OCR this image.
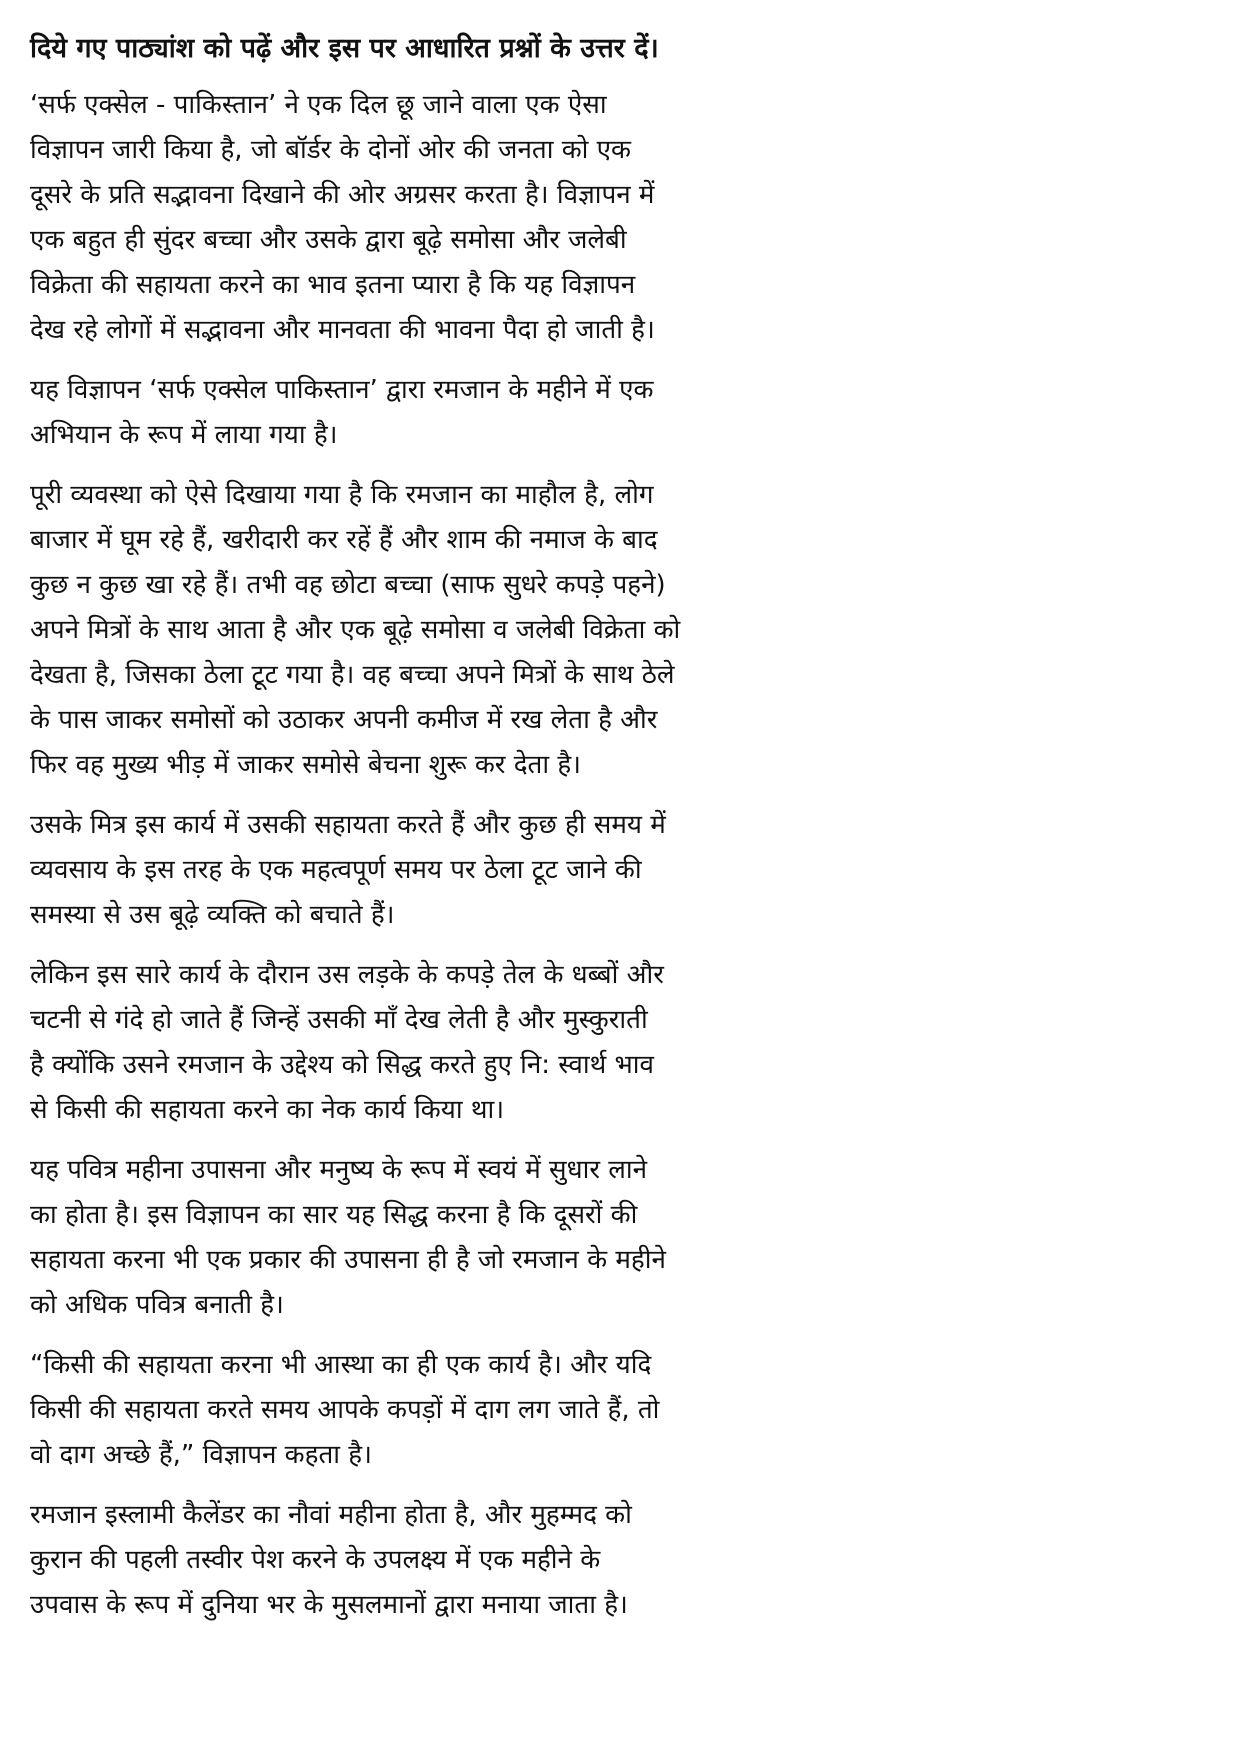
दिये गए पाठ्यांश को पढ़ें और इस पर आधारित प्रश्नों के उत्तर दें।
‘सर्फ एक्सेल - पाकिस्तान’ ने एक दिल छू जाने वाला एक ऐसा
विज्ञापन जारी किया है, जो बॉर्डर के दोनों ओर की जनता को एक
दूसरे के प्रति सद्भावना दिखाने की ओर अग्रसर करता है। विज्ञापन में
एक बहुत ही सुंदर बच्चा और उसके द्वारा बूढ़े समोसा और जलेबी
विक्रेता की सहायता करने का भाव इतना प्यारा है कि यह विज्ञापन
देख रहे लोगों में सद्भावना और मानवता की भावना पैदा हो जाती है।
यह विज्ञापन ‘सर्फ एक्सेल पाकिस्तान’ द्वारा रमजान के महीने में एक
अभियान के रूप में लाया गया है।
पूरी व्यवस्था को ऐसे दिखाया गया है कि रमजान का माहौल है, लोग
बाजार में घूम रहे हैं, खरीदारी कर रहें हैं और शाम की नमाज के बाद
कुछ न कुछ खा रहे हैं। तभी वह छोटा बच्चा (साफ सुधरे कपड़े पहने)
अपने मित्रों के साथ आता है और एक बूढ़े समोसा व जलेबी विक्रेता को
देखता है, जिसका ठेला टूट गया है। वह बच्चा अपने मित्रों के साथ ठेले
के पास जाकर समोसों को उठाकर अपनी कमीज में रख लेता है और
फिर वह मुख्य भीड़ में जाकर समोसे बेचना शुरू कर देता है।
उसके मित्र इस कार्य में उसकी सहायता करते हैं और कुछ ही समय में
व्यवसाय के इस तरह के एक महत्वपूर्ण समय पर ठेला टूट जाने की
समस्या से उस बूढ़े व्यक्ति को बचाते हैं।
लेकिन इस सारे कार्य के दौरान उस लड़के के कपड़े तेल के धब्बों और
चटनी से गंदे हो जाते हैं जिन्हें उसकी माँ देख लेती है और मुस्कुराती
है क्योंकि उसने रमजान के उद्देश्य को सिद्ध करते हुए नि: स्वार्थ भाव
से किसी की सहायता करने का नेक कार्य किया था।
यह पवित्र महीना उपासना और मनुष्य के रूप में स्वयं में सुधार लाने
का होता है। इस विज्ञापन का सार यह सिद्ध करना है कि दूसरों की
सहायता करना भी एक प्रकार की उपासना ही है जो रमजान के महीने
को अधिक पवित्र बनाती है।
“किसी की सहायता करना भी आस्था का ही एक कार्य है। और यदि
किसी की सहायता करते समय आपके कपड़ों में दाग लग जाते हैं, तो
वो दाग अच्छे हैं,” विज्ञापन कहता है।
रमजान इस्लामी कैलेंडर का नौवां महीना होता है, और मुहम्मद को
कुरान की पहली तस्वीर पेश करने के उपलक्ष्य में एक महीने के
उपवास के रूप में दुनिया भर के मुसलमानों द्वारा मनाया जाता है।
